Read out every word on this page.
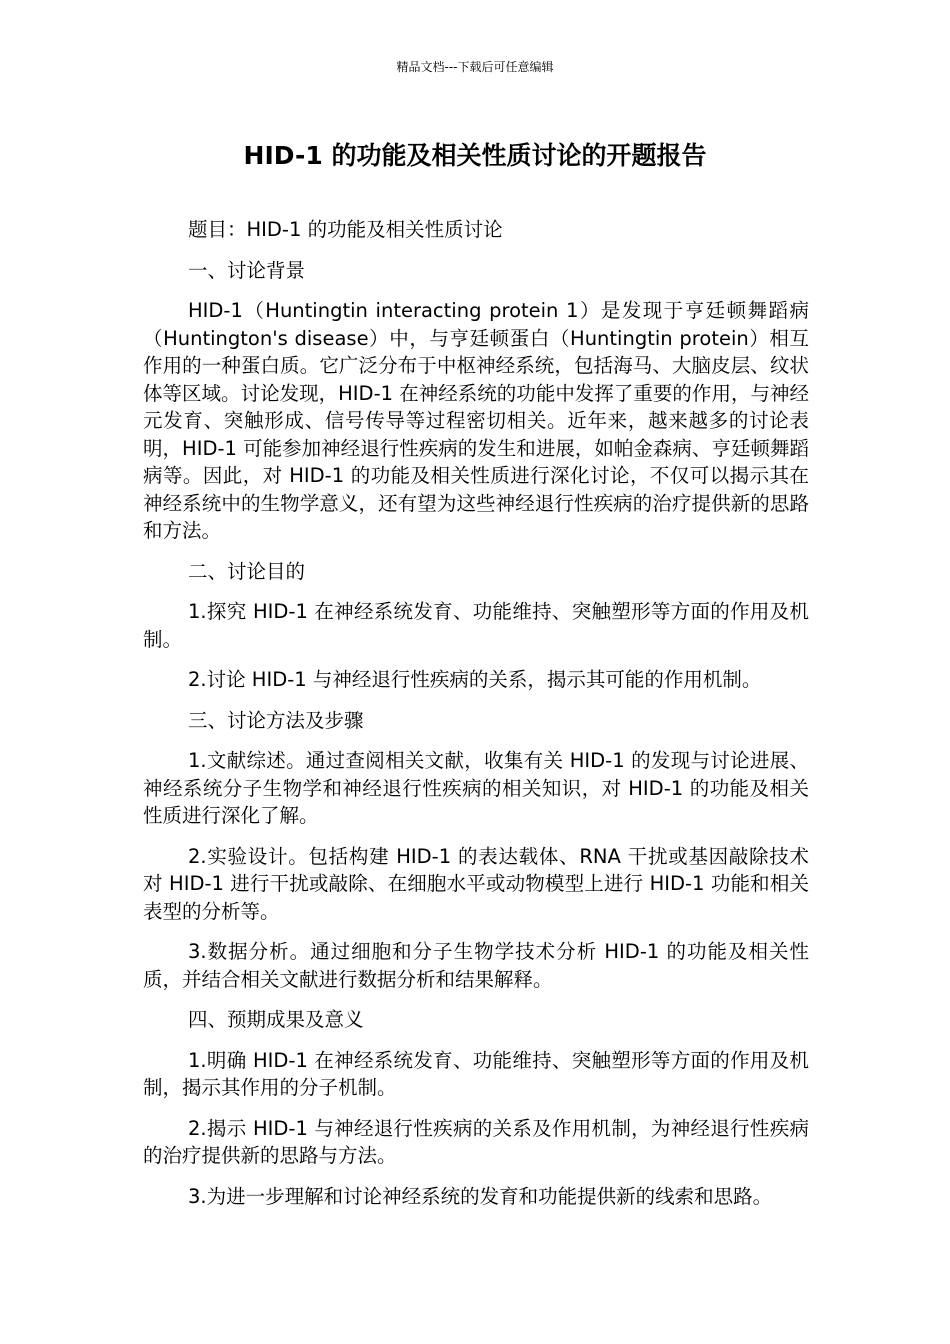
精品文档---下载后可任意编辑
HID-1 的功能及相关性质讨论的开题报告

题目：HID-1 的功能及相关性质讨论

一、讨论背景

HID-1（Huntingtin interacting protein 1）是发现于亨廷顿舞蹈病（Huntington's disease）中，与亨廷顿蛋白（Huntingtin protein）相互作用的一种蛋白质。它广泛分布于中枢神经系统，包括海马、大脑皮层、纹状体等区域。讨论发现，HID-1 在神经系统的功能中发挥了重要的作用，与神经元发育、突触形成、信号传导等过程密切相关。近年来，越来越多的讨论表明，HID-1 可能参加神经退行性疾病的发生和进展，如帕金森病、亨廷顿舞蹈病等。因此，对 HID-1 的功能及相关性质进行深化讨论，不仅可以揭示其在神经系统中的生物学意义，还有望为这些神经退行性疾病的治疗提供新的思路和方法。

二、讨论目的

1.探究 HID-1 在神经系统发育、功能维持、突触塑形等方面的作用及机制。

2.讨论 HID-1 与神经退行性疾病的关系，揭示其可能的作用机制。

三、讨论方法及步骤

1.文献综述。通过查阅相关文献，收集有关 HID-1 的发现与讨论进展、神经系统分子生物学和神经退行性疾病的相关知识，对 HID-1 的功能及相关性质进行深化了解。

2.实验设计。包括构建 HID-1 的表达载体、RNA 干扰或基因敲除技术对 HID-1 进行干扰或敲除、在细胞水平或动物模型上进行 HID-1 功能和相关表型的分析等。

3.数据分析。通过细胞和分子生物学技术分析 HID-1 的功能及相关性质，并结合相关文献进行数据分析和结果解释。

四、预期成果及意义

1.明确 HID-1 在神经系统发育、功能维持、突触塑形等方面的作用及机制，揭示其作用的分子机制。

2.揭示 HID-1 与神经退行性疾病的关系及作用机制，为神经退行性疾病的治疗提供新的思路与方法。

3.为进一步理解和讨论神经系统的发育和功能提供新的线索和思路。
